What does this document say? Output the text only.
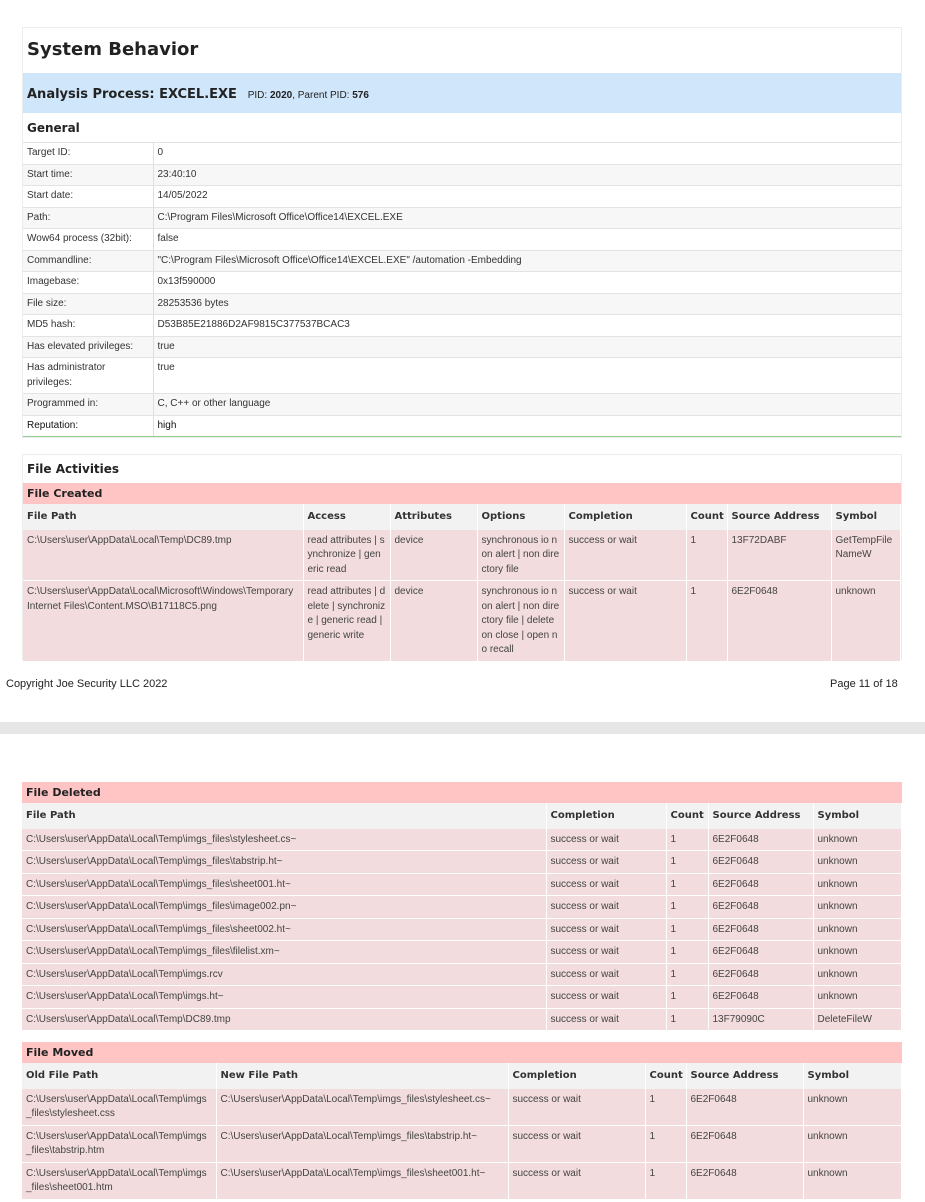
System Behavior
Analysis Process: EXCEL.EXE PID: 2020, Parent PID: 576
General
Target ID:	0
Start time:	23:40:10
Start date:	14/05/2022
Path:	C:\Program Files\Microsoft Office\Office14\EXCEL.EXE
Wow64 process (32bit):	false
Commandline:	"C:\Program Files\Microsoft Office\Office14\EXCEL.EXE" /automation -Embedding
Imagebase:	0x13f590000
File size:	28253536 bytes
MD5 hash:	D53B85E21886D2AF9815C377537BCAC3
Has elevated privileges:	true
Has administrator privileges:	true
Programmed in:	C, C++ or other language
Reputation:	high
File Activities
File Created
File Path	Access	Attributes	Options	Completion	Count	Source Address	Symbol
C:\Users\user\AppData\Local\Temp\DC89.tmp	read attributes | synchronize | generic read	device	synchronous io non alert | non directory file	success or wait	1	13F72DABF	GetTempFileNameW
C:\Users\user\AppData\Local\Microsoft\Windows\Temporary Internet Files\Content.MSO\B17118C5.png	read attributes | delete | synchronize | generic read | generic write	device	synchronous io non alert | non directory file | delete on close | open no recall	success or wait	1	6E2F0648	unknown
Copyright Joe Security LLC 2022	Page 11 of 18
File Deleted
File Path	Completion	Count	Source Address	Symbol
C:\Users\user\AppData\Local\Temp\imgs_files\stylesheet.cs~	success or wait	1	6E2F0648	unknown
C:\Users\user\AppData\Local\Temp\imgs_files\tabstrip.ht~	success or wait	1	6E2F0648	unknown
C:\Users\user\AppData\Local\Temp\imgs_files\sheet001.ht~	success or wait	1	6E2F0648	unknown
C:\Users\user\AppData\Local\Temp\imgs_files\image002.pn~	success or wait	1	6E2F0648	unknown
C:\Users\user\AppData\Local\Temp\imgs_files\sheet002.ht~	success or wait	1	6E2F0648	unknown
C:\Users\user\AppData\Local\Temp\imgs_files\filelist.xm~	success or wait	1	6E2F0648	unknown
C:\Users\user\AppData\Local\Temp\imgs.rcv	success or wait	1	6E2F0648	unknown
C:\Users\user\AppData\Local\Temp\imgs.ht~	success or wait	1	6E2F0648	unknown
C:\Users\user\AppData\Local\Temp\DC89.tmp	success or wait	1	13F79090C	DeleteFileW
File Moved
Old File Path	New File Path	Completion	Count	Source Address	Symbol
C:\Users\user\AppData\Local\Temp\imgs_files\stylesheet.css	C:\Users\user\AppData\Local\Temp\imgs_files\stylesheet.cs~	success or wait	1	6E2F0648	unknown
C:\Users\user\AppData\Local\Temp\imgs_files\tabstrip.htm	C:\Users\user\AppData\Local\Temp\imgs_files\tabstrip.ht~	success or wait	1	6E2F0648	unknown
C:\Users\user\AppData\Local\Temp\imgs_files\sheet001.htm	C:\Users\user\AppData\Local\Temp\imgs_files\sheet001.ht~	success or wait	1	6E2F0648	unknown
